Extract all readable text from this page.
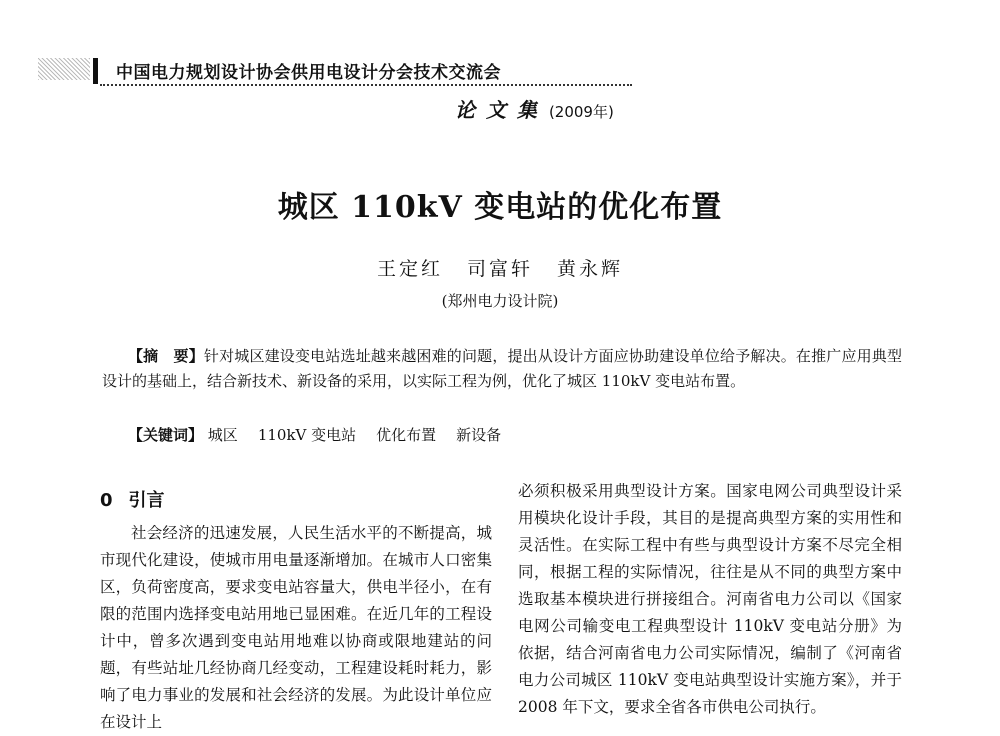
中国电力规划设计协会供用电设计分会技术交流会
论 文 集 (2009年)
城区 110kV 变电站的优化布置
王定红 司富轩 黄永辉
(郑州电力设计院)
【摘　要】针对城区建设变电站选址越来越困难的问题，提出从设计方面应协助建设单位给予解决。在推广应用典型设计的基础上，结合新技术、新设备的采用，以实际工程为例，优化了城区 110kV 变电站布置。
【关键词】 城区 110kV 变电站 优化布置 新设备
0 引言
社会经济的迅速发展，人民生活水平的不断提高，城市现代化建设，使城市用电量逐渐增加。在城市人口密集区，负荷密度高，要求变电站容量大，供电半径小，在有限的范围内选择变电站用地已显困难。在近几年的工程设计中，曾多次遇到变电站用地难以协商或限地建站的问题，有些站址几经协商几经变动，工程建设耗时耗力，影响了电力事业的发展和社会经济的发展。为此设计单位应在设计上
必须积极采用典型设计方案。国家电网公司典型设计采用模块化设计手段，其目的是提高典型方案的实用性和灵活性。在实际工程中有些与典型设计方案不尽完全相同，根据工程的实际情况，往往是从不同的典型方案中选取基本模块进行拼接组合。河南省电力公司以《国家电网公司输变电工程典型设计 110kV 变电站分册》为依据，结合河南省电力公司实际情况，编制了《河南省电力公司城区 110kV 变电站典型设计实施方案》，并于 2008 年下文，要求全省各市供电公司执行。
